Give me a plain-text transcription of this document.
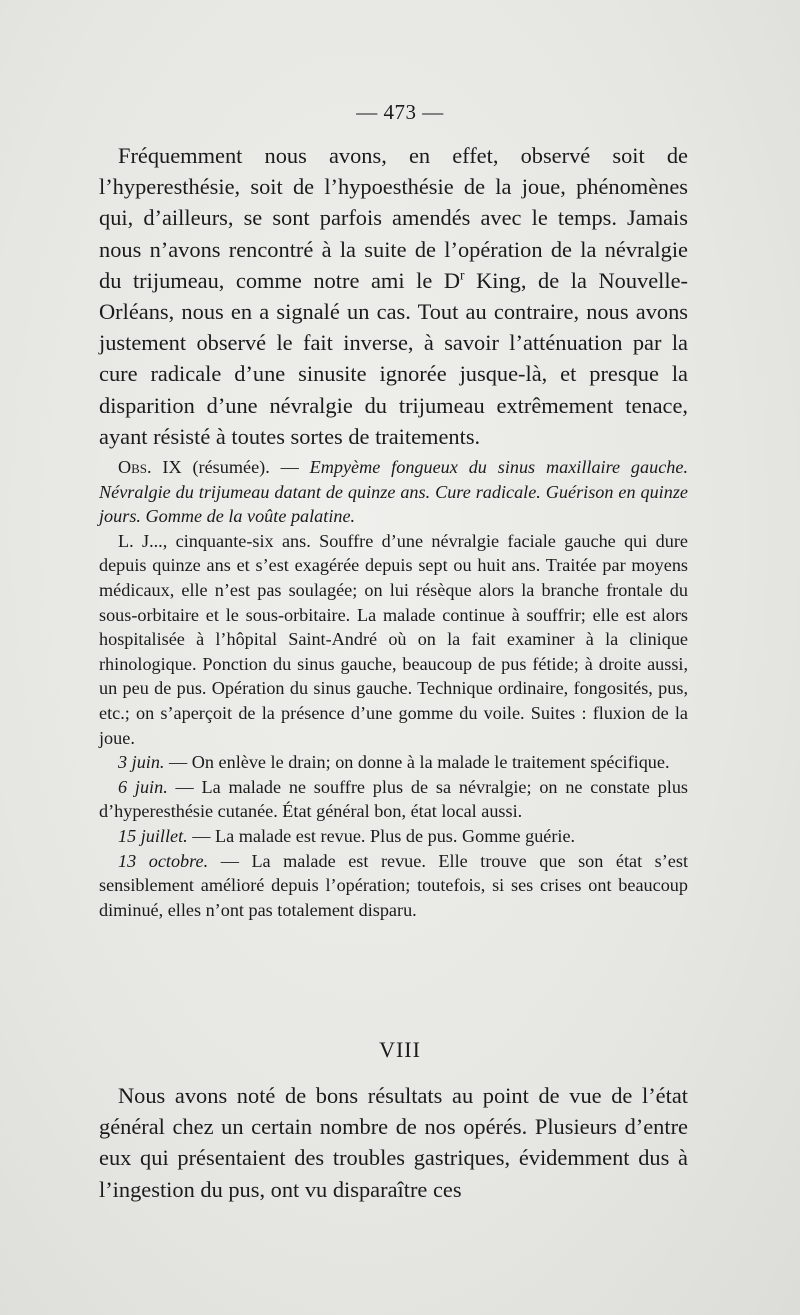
— 473 —

Fréquemment nous avons, en effet, observé soit de l’hyperesthésie, soit de l’hypoesthésie de la joue, phénomènes qui, d’ailleurs, se sont parfois amendés avec le temps. Jamais nous n’avons rencontré à la suite de l’opération de la névralgie du trijumeau, comme notre ami le $D^r$ King, de la Nouvelle-Orléans, nous en a signalé un cas. Tout au contraire, nous avons justement observé le fait inverse, à savoir l’atténuation par la cure radicale d’une sinusite ignorée jusque-là, et presque la disparition d’une névralgie du trijumeau extrêmement tenace, ayant résisté à toutes sortes de traitements.

Obs. IX (résumée). — Empyème fongueux du sinus maxillaire gauche. Névralgie du trijumeau datant de quinze ans. Cure radicale. Guérison en quinze jours. Gomme de la voûte palatine.

L. J..., cinquante-six ans. Souffre d’une névralgie faciale gauche qui dure depuis quinze ans et s’est exagérée depuis sept ou huit ans. Traitée par moyens médicaux, elle n’est pas soulagée; on lui résèque alors la branche frontale du sous-orbitaire et le sous-orbitaire. La malade continue à souffrir; elle est alors hospitalisée à l’hôpital Saint-André où on la fait examiner à la clinique rhinologique. Ponction du sinus gauche, beaucoup de pus fétide; à droite aussi, un peu de pus. Opération du sinus gauche. Technique ordinaire, fongosités, pus, etc.; on s’aperçoit de la présence d’une gomme du voile. Suites : fluxion de la joue.

3 juin. — On enlève le drain; on donne à la malade le traitement spécifique.

6 juin. — La malade ne souffre plus de sa névralgie; on ne constate plus d’hyperesthésie cutanée. État général bon, état local aussi.

15 juillet. — La malade est revue. Plus de pus. Gomme guérie.

13 octobre. — La malade est revue. Elle trouve que son état s’est sensiblement amélioré depuis l’opération; toutefois, si ses crises ont beaucoup diminué, elles n’ont pas totalement disparu.

VIII

Nous avons noté de bons résultats au point de vue de l’état général chez un certain nombre de nos opérés. Plusieurs d’entre eux qui présentaient des troubles gastriques, évidemment dus à l’ingestion du pus, ont vu disparaître ces
